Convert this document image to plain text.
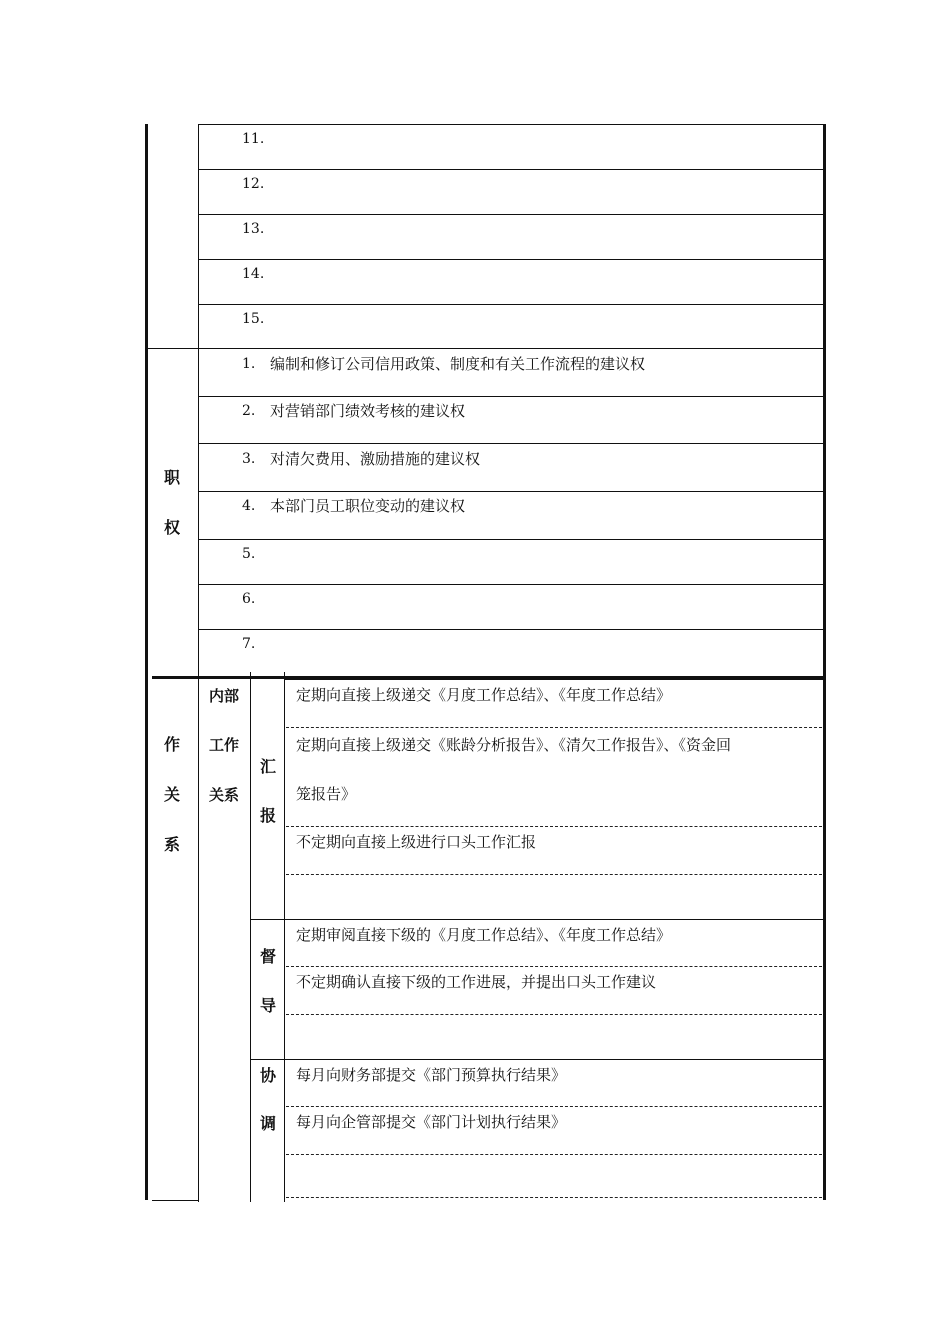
11.
12.
13.
14.
15.
职
权
1. 编制和修订公司信用政策、制度和有关工作流程的建议权
2. 对营销部门绩效考核的建议权
3. 对清欠费用、激励措施的建议权
4. 本部门员工职位变动的建议权
5.
6.
7.
作
关
系
内部
工作
关系
汇
报
定期向直接上级递交《月度工作总结》、《年度工作总结》
定期向直接上级递交《账龄分析报告》、《清欠工作报告》、《资金回
笼报告》
不定期向直接上级进行口头工作汇报
督
导
定期审阅直接下级的《月度工作总结》、《年度工作总结》
不定期确认直接下级的工作进展，并提出口头工作建议
协
调
每月向财务部提交《部门预算执行结果》
每月向企管部提交《部门计划执行结果》
